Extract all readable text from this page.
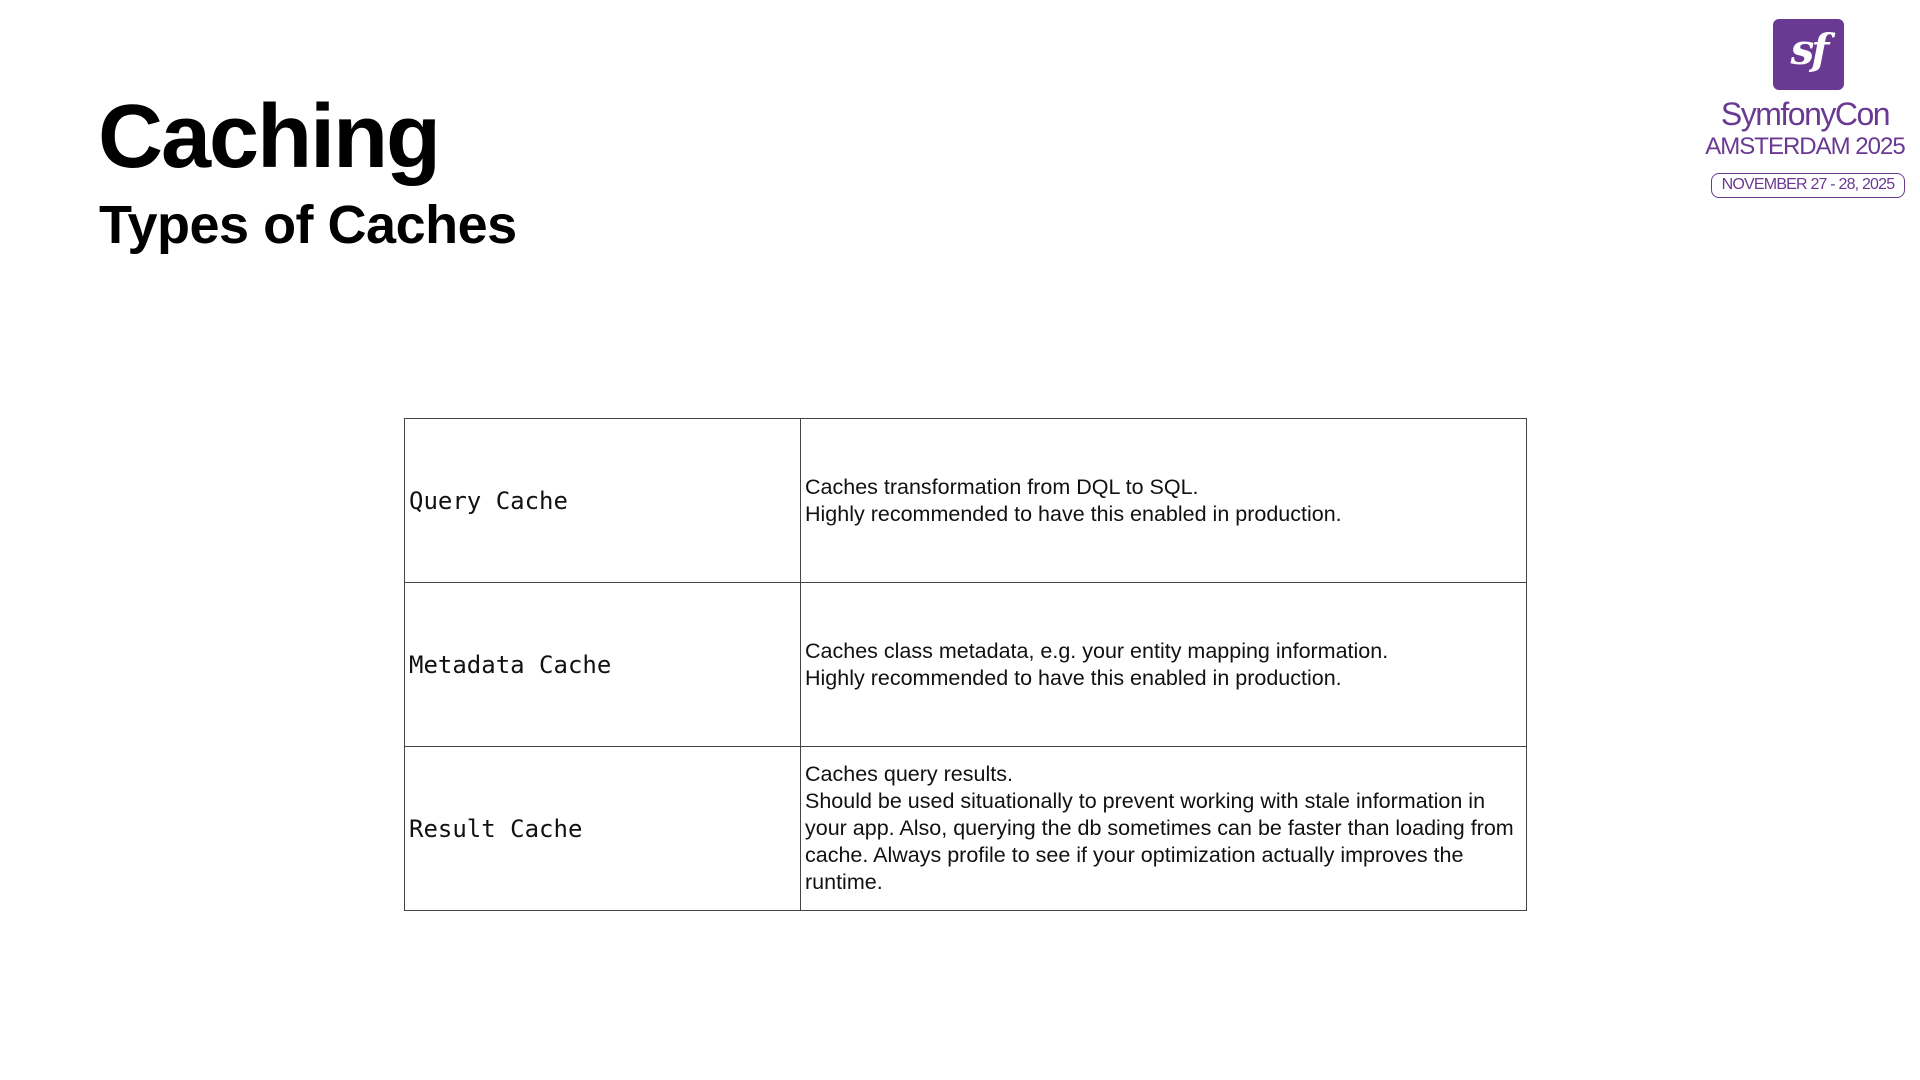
Caching
Types of Caches
sf
SymfonyCon
AMSTERDAM 2025
NOVEMBER 27 - 28, 2025
Query Cache	Caches transformation from DQL to SQL.
Highly recommended to have this enabled in production.

Metadata Cache	Caches class metadata, e.g. your entity mapping information.
Highly recommended to have this enabled in production.

Result Cache	Caches query results.
Should be used situationally to prevent working with stale information in your app. Also, querying the db sometimes can be faster than loading from cache. Always profile to see if your optimization actually improves the runtime.
